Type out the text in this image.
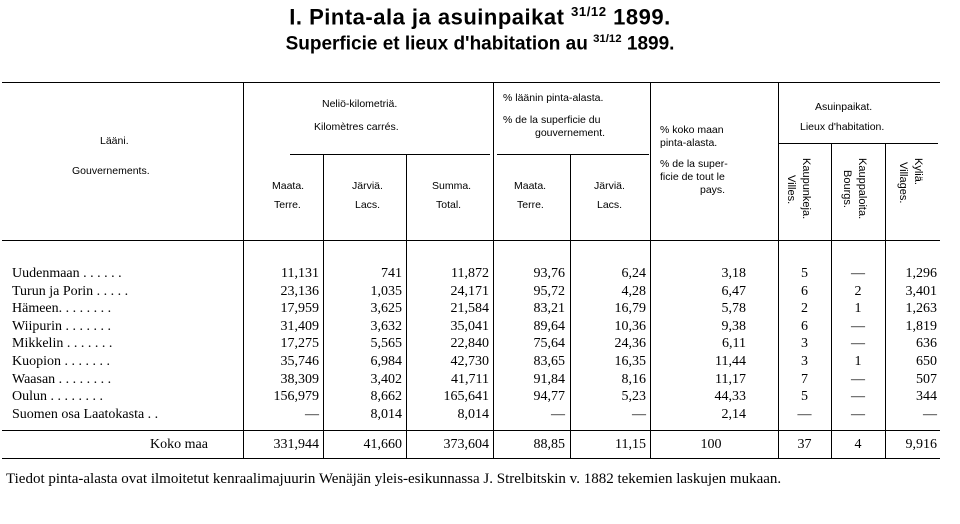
I. Pinta-ala ja asuinpaikat $^{31/12}$ 1899.
Superficie et lieux d'habitation au $^{31/12}$ 1899.
Lääni.
Gouvernements.
Neliö-kilometriä.
Kilomètres carrés.
Maata.
Terre.
Järviä.
Lacs.
Summa.
Total.
% läänin pinta-alasta.
% de la superficie du
gouvernement.
Maata.
Terre.
Järviä.
Lacs.
% koko maan
pinta-alasta.
% de la super-
ficie de tout le
pays.
Asuinpaikat.
Lieux d'habitation.
Kaupunkeja.
Villes.	Kauppaloita.
Bourgs.	Kyliä.
Villages.
Uudenmaan . . . . . .	11,131	741	11,872	93,76	6,24	3,18	5	—	1,296
Turun ja Porin . . . . .	23,136	1,035	24,171	95,72	4,28	6,47	6	2	3,401
Hämeen. . . . . . . .	17,959	3,625	21,584	83,21	16,79	5,78	2	1	1,263
Wiipurin . . . . . . .	31,409	3,632	35,041	89,64	10,36	9,38	6	—	1,819
Mikkelin . . . . . . .	17,275	5,565	22,840	75,64	24,36	6,11	3	—	636
Kuopion . . . . . . .	35,746	6,984	42,730	83,65	16,35	11,44	3	1	650
Waasan . . . . . . . .	38,309	3,402	41,711	91,84	8,16	11,17	7	—	507
Oulun . . . . . . . .	156,979	8,662	165,641	94,77	5,23	44,33	5	—	344
Suomen osa Laatokasta . .	—	8,014	8,014	—	—	2,14	—	—	—
Koko maa	331,944	41,660	373,604	88,85	11,15	100	37	4	9,916
Tiedot pinta-alasta ovat ilmoitetut kenraalimajuurin Wenäjän yleis-esikunnassa J. Strelbitskin v. 1882 tekemien laskujen mukaan.
